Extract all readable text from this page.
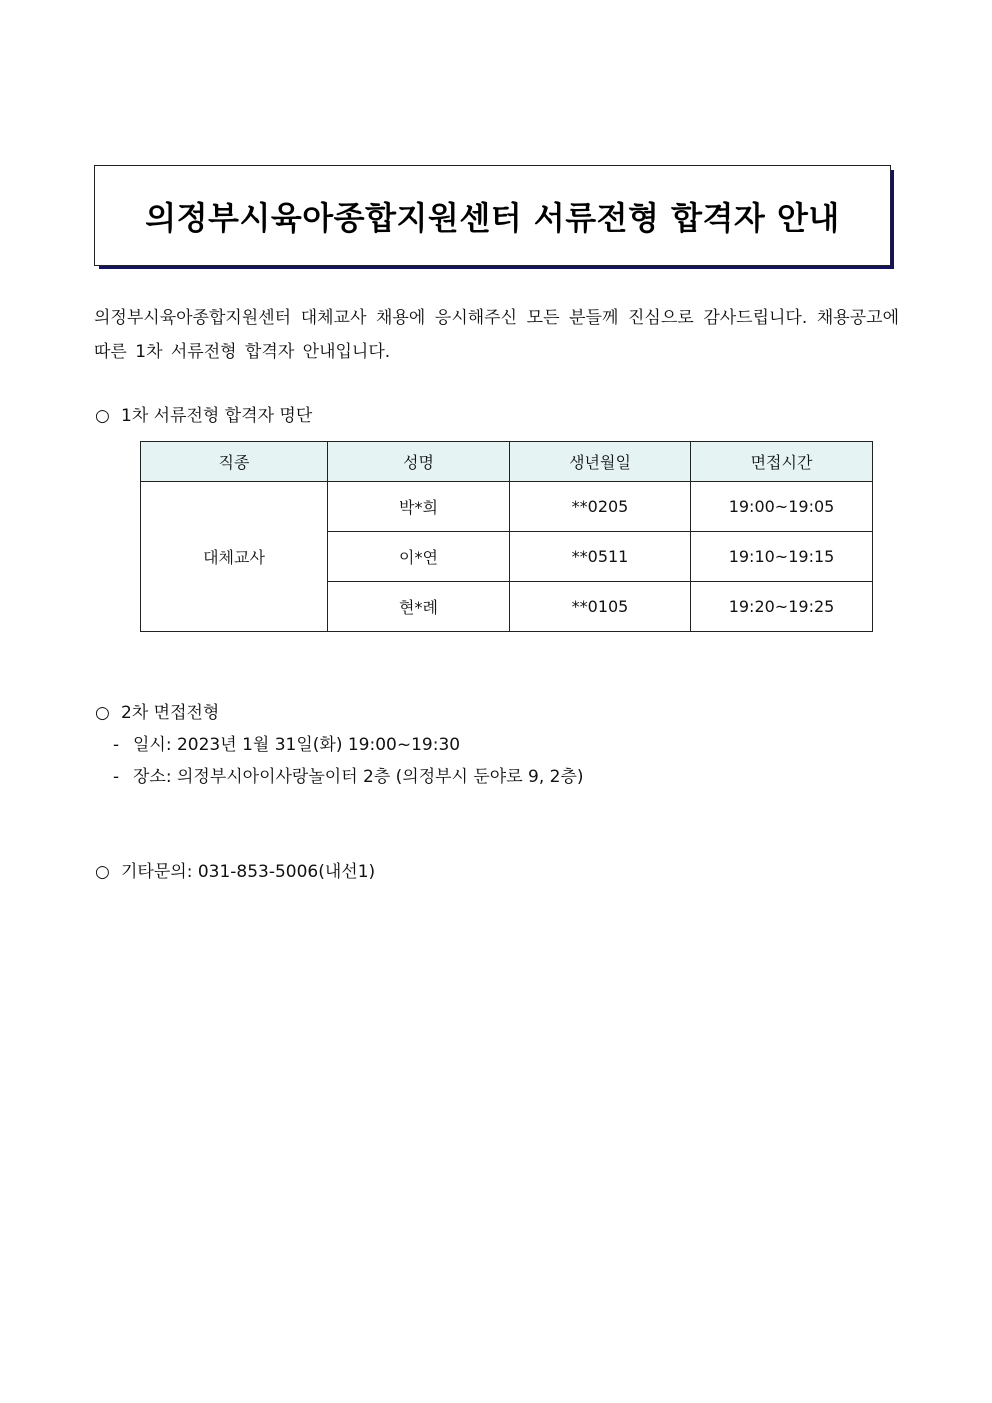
의정부시육아종합지원센터 서류전형 합격자 안내
의정부시육아종합지원센터 대체교사 채용에 응시해주신 모든 분들께 진심으로 감사드립니다. 채용공고에 따른 1차 서류전형 합격자 안내입니다.
○ 1차 서류전형 합격자 명단
직종	성명	생년월일	면접시간
대체교사	박*희	**0205	19:00~19:05
	이*연	**0511	19:10~19:15
	현*례	**0105	19:20~19:25
○ 2차 면접전형
- 일시: 2023년 1월 31일(화) 19:00~19:30
- 장소: 의정부시아이사랑놀이터 2층 (의정부시 둔야로 9, 2층)
○ 기타문의: 031-853-5006(내선1)
